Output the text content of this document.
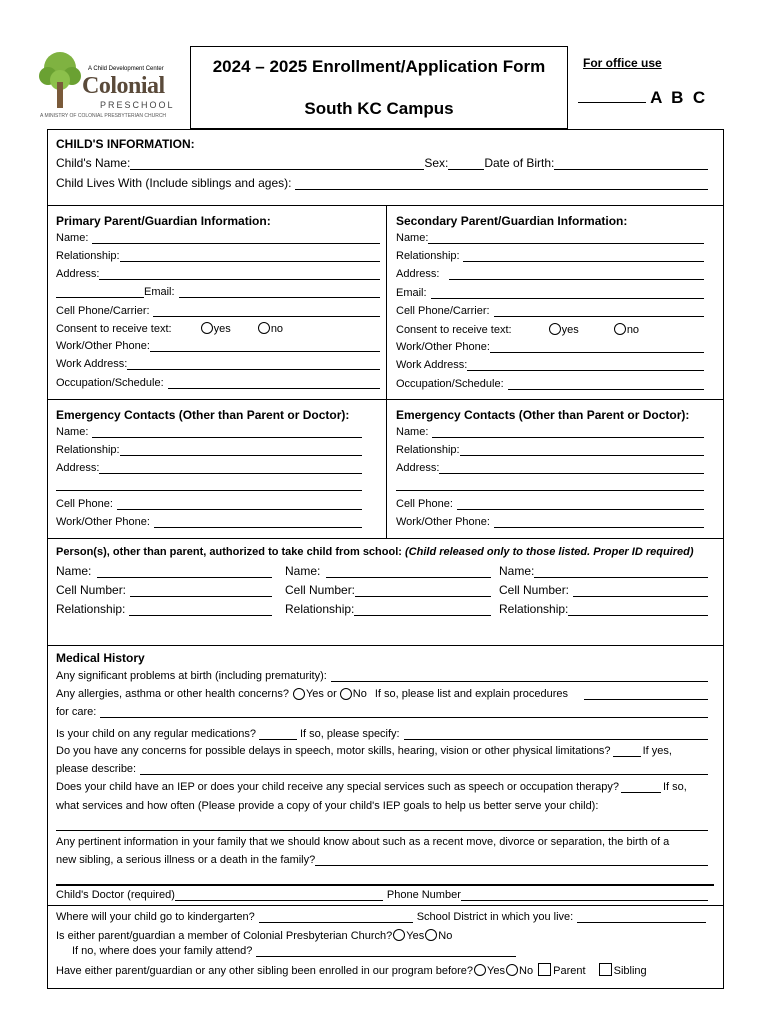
A Child Development Center
Colonial
PRESCHOOL
A MINISTRY OF COLONIAL PRESBYTERIAN CHURCH
2024 – 2025 Enrollment/Application Form
South KC Campus
For office use
A  B  C
CHILD'S INFORMATION:
Child's Name:	Sex:	Date of Birth:
Child Lives With (Include siblings and ages):
Primary Parent/Guardian Information:
Name:
Relationship:
Address:
Email:
Cell Phone/Carrier:
Consent to receive text:	yes	no
Work/Other Phone:
Work Address:
Occupation/Schedule:
Secondary Parent/Guardian Information:
Name:
Relationship:
Address:
Email:
Cell Phone/Carrier:
Consent to receive text:	yes	no
Work/Other Phone:
Work Address:
Occupation/Schedule:
Emergency Contacts (Other than Parent or Doctor):
Name:
Relationship:
Address:
Cell Phone:
Work/Other Phone:
Emergency Contacts (Other than Parent or Doctor):
Name:
Relationship:
Address:
Cell Phone:
Work/Other Phone:
Person(s), other than parent, authorized to take child from school: (Child released only to those listed. Proper ID required)
Name:	Name:	Name:
Cell Number:	Cell Number:	Cell Number:
Relationship:	Relationship:	Relationship:
Medical History
Any significant problems at birth (including prematurity):
Any allergies, asthma or other health concerns? Yes or No If so, please list and explain procedures
for care:
Is your child on any regular medications?	If so, please specify:
Do you have any concerns for possible delays in speech, motor skills, hearing, vision or other physical limitations?	If yes,
please describe:
Does your child have an IEP or does your child receive any special services such as speech or occupation therapy?	If so,
what services and how often (Please provide a copy of your child's IEP goals to help us better serve your child):
Any pertinent information in your family that we should know about such as a recent move, divorce or separation, the birth of a
new sibling, a serious illness or a death in the family?
Child's Doctor (required)	Phone Number
Where will your child go to kindergarten?	School District in which you live:
Is either parent/guardian a member of Colonial Presbyterian Church? Yes No
If no, where does your family attend?
Have either parent/guardian or any other sibling been enrolled in our program before? Yes No Parent	Sibling
